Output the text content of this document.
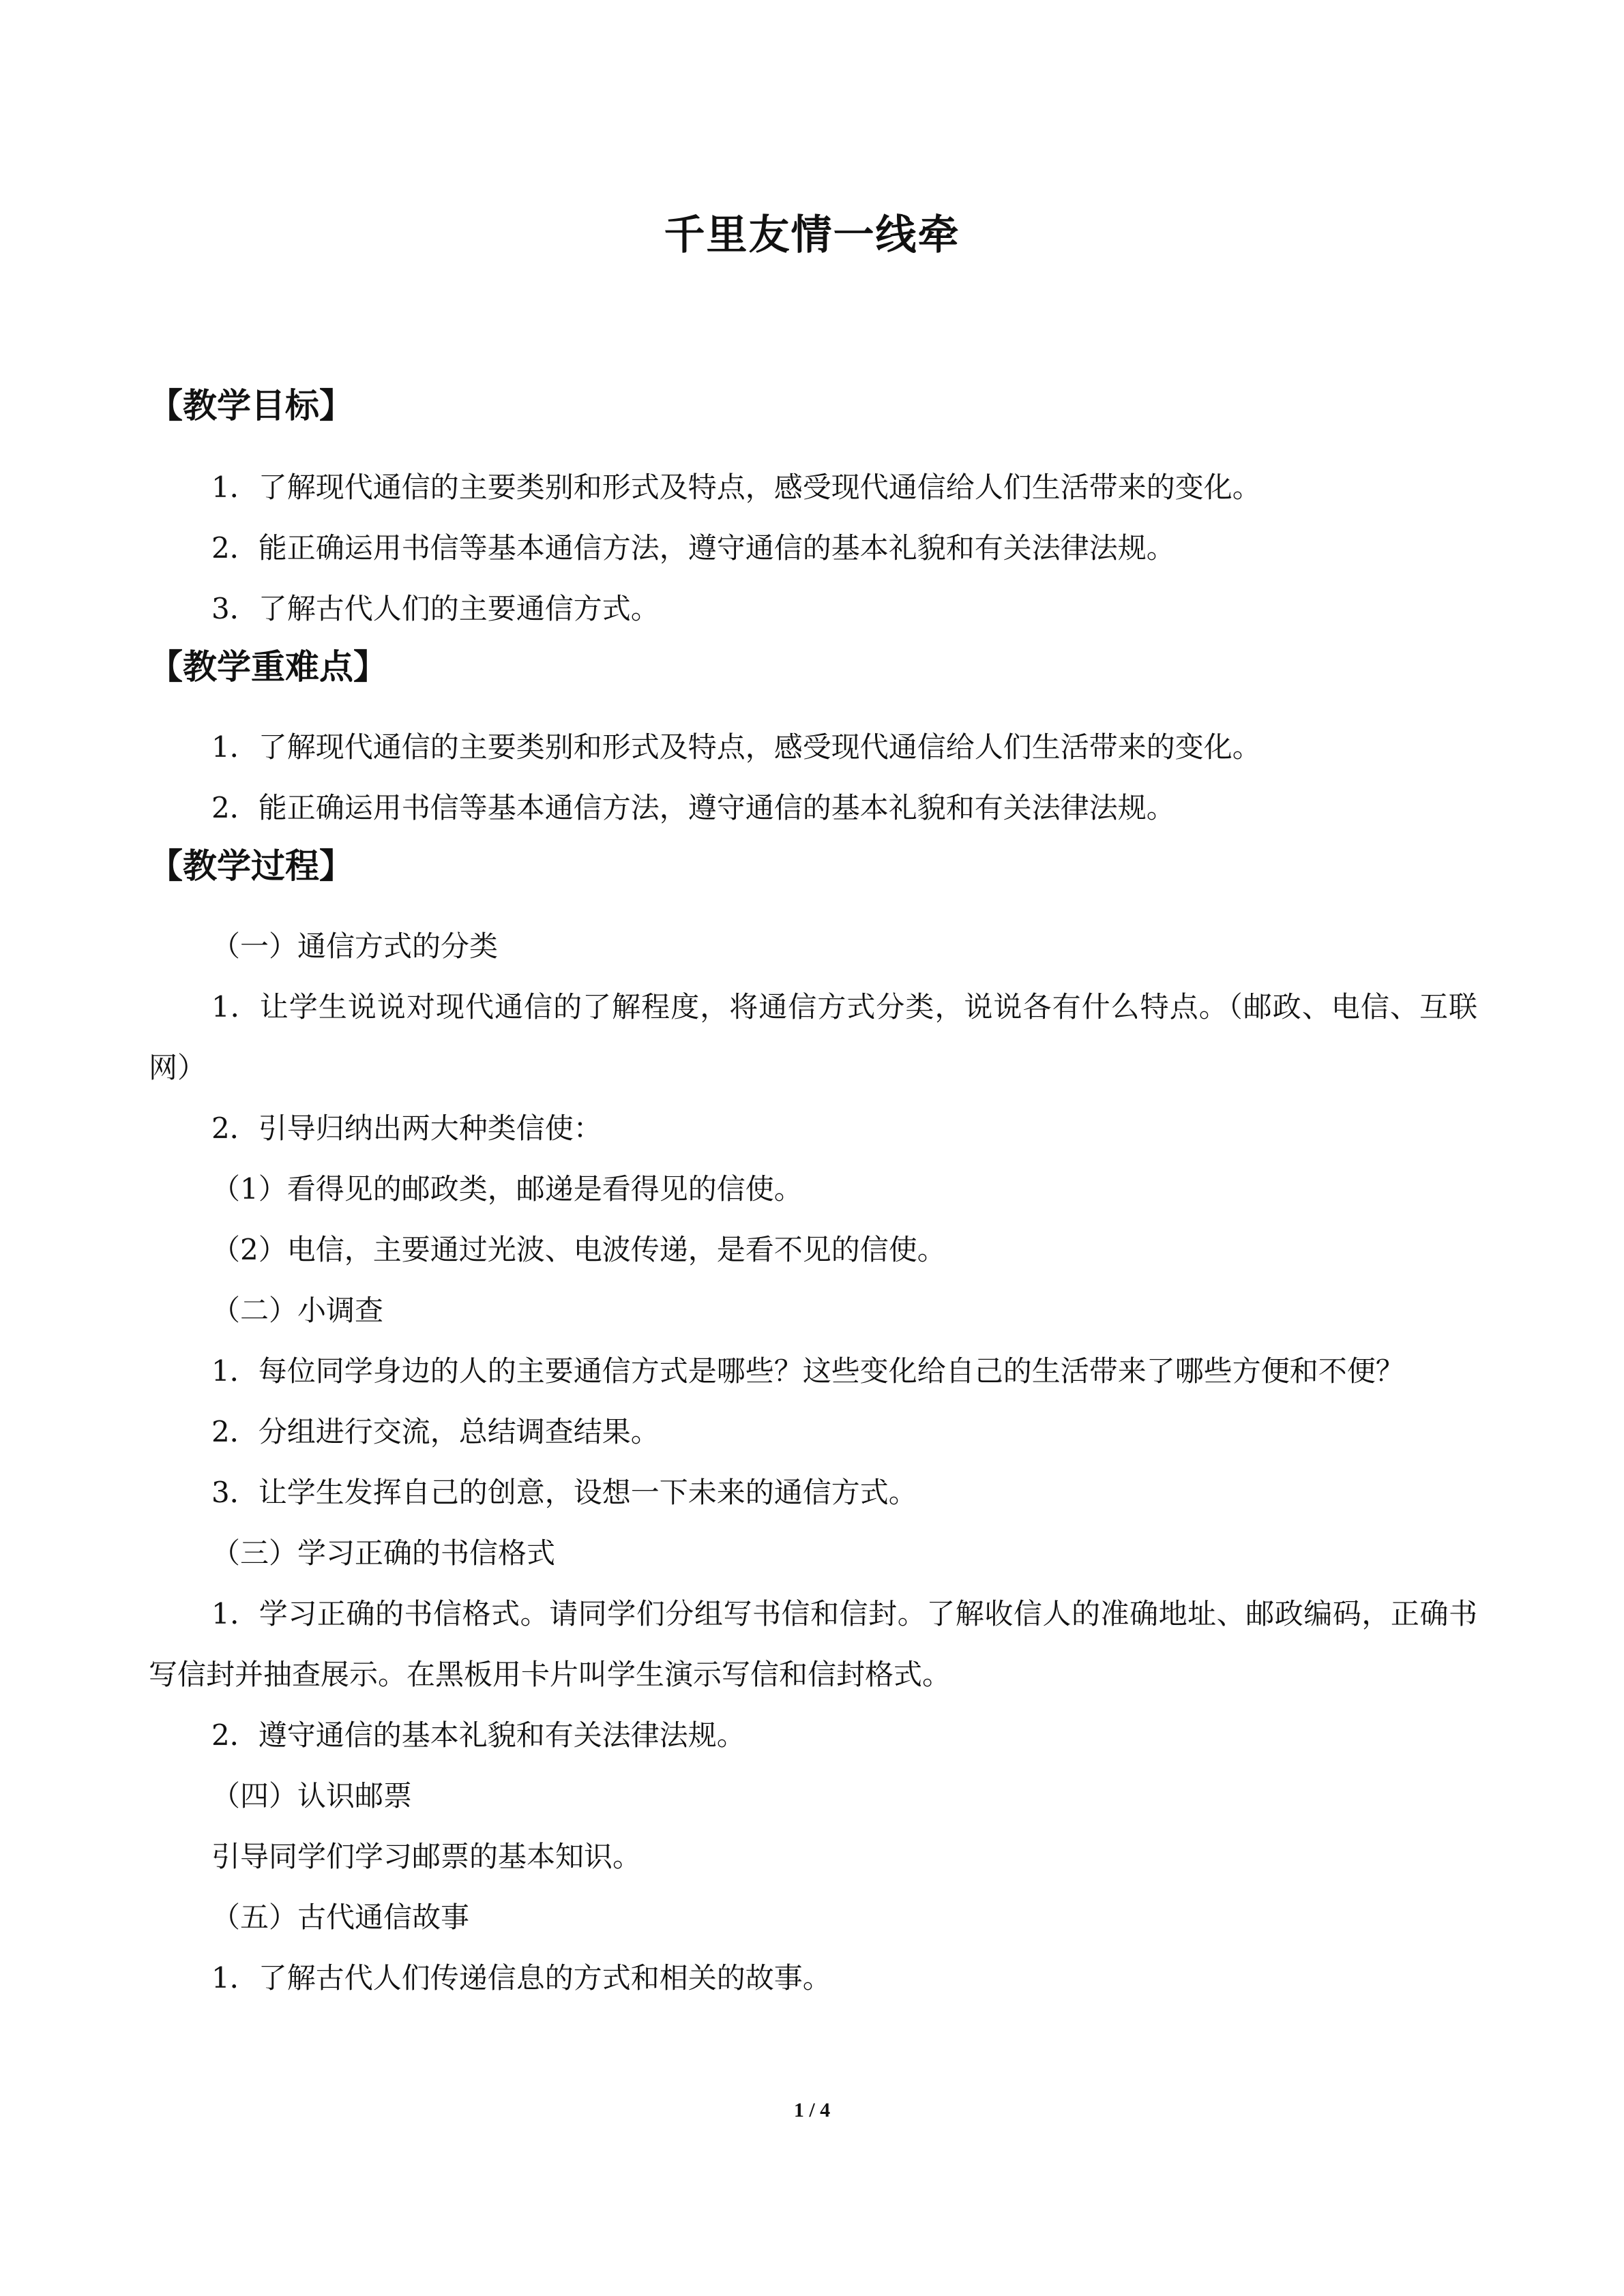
千里友情一线牵
【教学目标】

1．了解现代通信的主要类别和形式及特点，感受现代通信给人们生活带来的变化。

2．能正确运用书信等基本通信方法，遵守通信的基本礼貌和有关法律法规。

3．了解古代人们的主要通信方式。

【教学重难点】

1．了解现代通信的主要类别和形式及特点，感受现代通信给人们生活带来的变化。

2．能正确运用书信等基本通信方法，遵守通信的基本礼貌和有关法律法规。

【教学过程】

（一）通信方式的分类

1．让学生说说对现代通信的了解程度，将通信方式分类，说说各有什么特点。（邮政、电信、互联网）

2．引导归纳出两大种类信使：

（1）看得见的邮政类，邮递是看得见的信使。

（2）电信，主要通过光波、电波传递，是看不见的信使。

（二）小调查

1．每位同学身边的人的主要通信方式是哪些？这些变化给自己的生活带来了哪些方便和不便？

2．分组进行交流，总结调查结果。

3．让学生发挥自己的创意，设想一下未来的通信方式。

（三）学习正确的书信格式

1．学习正确的书信格式。请同学们分组写书信和信封。了解收信人的准确地址、邮政编码，正确书写信封并抽查展示。在黑板用卡片叫学生演示写信和信封格式。

2．遵守通信的基本礼貌和有关法律法规。

（四）认识邮票

引导同学们学习邮票的基本知识。

（五）古代通信故事

1．了解古代人们传递信息的方式和相关的故事。

1 / 4
